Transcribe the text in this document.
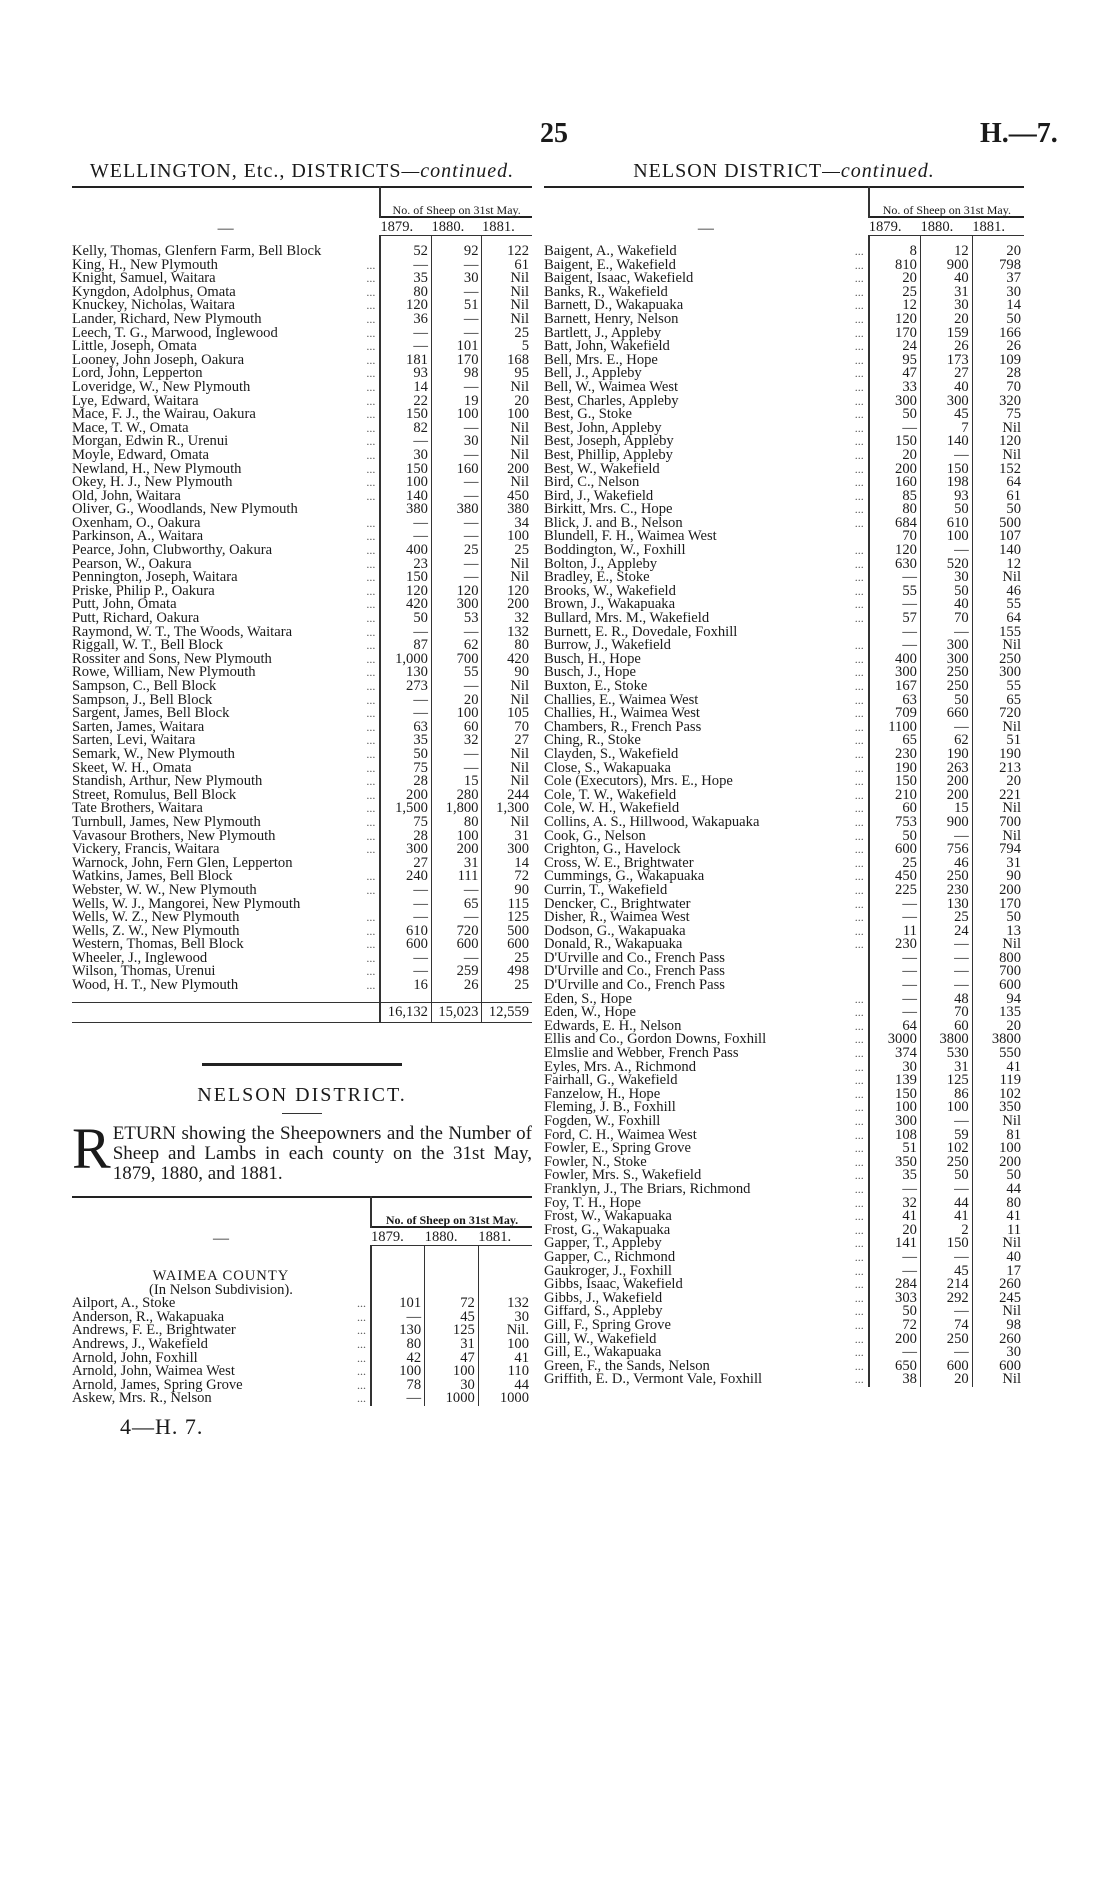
25	H.—7.
WELLINGTON, Etc., DISTRICTS—continued.
—		No. of Sheep on 31st May.		
		1879.	1880.	1881.

Kelly, Thomas, Glenfern Farm, Bell Block		52	92	122
King, H., New Plymouth	...	—	—	61
Knight, Samuel, Waitara	...	35	30	Nil
Kyngdon, Adolphus, Omata	...	80	—	Nil
Knuckey, Nicholas, Waitara	...	120	51	Nil
Lander, Richard, New Plymouth	...	36	—	Nil
Leech, T. G., Marwood, Inglewood	...	—	—	25
Little, Joseph, Omata	...	—	101	5
Looney, John Joseph, Oakura	...	181	170	168
Lord, John, Lepperton	...	93	98	95
Loveridge, W., New Plymouth	...	14	—	Nil
Lye, Edward, Waitara	...	22	19	20
Mace, F. J., the Wairau, Oakura	...	150	100	100
Mace, T. W., Omata	...	82	—	Nil
Morgan, Edwin R., Urenui	...	—	30	Nil
Moyle, Edward, Omata	...	30	—	Nil
Newland, H., New Plymouth	...	150	160	200
Okey, H. J., New Plymouth	...	100	—	Nil
Old, John, Waitara	...	140	—	450
Oliver, G., Woodlands, New Plymouth		380	380	380
Oxenham, O., Oakura	...	—	—	34
Parkinson, A., Waitara	...	—	—	100
Pearce, John, Clubworthy, Oakura	...	400	25	25
Pearson, W., Oakura	...	23	—	Nil
Pennington, Joseph, Waitara	...	150	—	Nil
Priske, Philip P., Oakura	...	120	120	120
Putt, John, Omata	...	420	300	200
Putt, Richard, Oakura	...	50	53	32
Raymond, W. T., The Woods, Waitara	...	—	—	132
Riggall, W. T., Bell Block	...	87	62	80
Rossiter and Sons, New Plymouth	...	1,000	700	420
Rowe, William, New Plymouth	...	130	55	90
Sampson, C., Bell Block	...	273	—	Nil
Sampson, J., Bell Block	...	—	20	Nil
Sargent, James, Bell Block	...	—	100	105
Sarten, James, Waitara	...	63	60	70
Sarten, Levi, Waitara	...	35	32	27
Semark, W., New Plymouth	...	50	—	Nil
Skeet, W. H., Omata	...	75	—	Nil
Standish, Arthur, New Plymouth	...	28	15	Nil
Street, Romulus, Bell Block	...	200	280	244
Tate Brothers, Waitara	...	1,500	1,800	1,300
Turnbull, James, New Plymouth	...	75	80	Nil
Vavasour Brothers, New Plymouth	...	28	100	31
Vickery, Francis, Waitara	...	300	200	300
Warnock, John, Fern Glen, Lepperton		27	31	14
Watkins, James, Bell Block	...	240	111	72
Webster, W. W., New Plymouth	...	—	—	90
Wells, W. J., Mangorei, New Plymouth		—	65	115
Wells, W. Z., New Plymouth	...	—	—	125
Wells, Z. W., New Plymouth	...	610	720	500
Western, Thomas, Bell Block	...	600	600	600
Wheeler, J., Inglewood	...	—	—	25
Wilson, Thomas, Urenui	...	—	259	498
Wood, H. T., New Plymouth	...	16	26	25

		16,132	15,023	12,559
NELSON DISTRICT.
RETURN showing the Sheepowners and the Number of Sheep and Lambs in each county on the 31st May, 1879, 1880, and 1881.
—		No. of Sheep on 31st May.		
		1879.	1880.	1881.

WAIMEA COUNTY
(In Nelson Subdivision).				

Ailport, A., Stoke	...	101	72	132
Anderson, R., Wakapuaka	...	—	45	30
Andrews, F. E., Brightwater	...	130	125	Nil.
Andrews, J., Wakefield	...	80	31	100
Arnold, John, Foxhill	...	42	47	41
Arnold, John, Waimea West	...	100	100	110
Arnold, James, Spring Grove	...	78	30	44
Askew, Mrs. R., Nelson	...	—	1000	1000
4—H. 7.
NELSON DISTRICT—continued.
—		No. of Sheep on 31st May.		
		1879.	1880.	1881.

Baigent, A., Wakefield	...	8	12	20
Baigent, E., Wakefield	...	810	900	798
Baigent, Isaac, Wakefield	...	20	40	37
Banks, R., Wakefield	...	25	31	30
Barnett, D., Wakapuaka	...	12	30	14
Barnett, Henry, Nelson	...	120	20	50
Bartlett, J., Appleby	...	170	159	166
Batt, John, Wakefield	...	24	26	26
Bell, Mrs. E., Hope	...	95	173	109
Bell, J., Appleby	...	47	27	28
Bell, W., Waimea West	...	33	40	70
Best, Charles, Appleby	...	300	300	320
Best, G., Stoke	...	50	45	75
Best, John, Appleby	...	—	7	Nil
Best, Joseph, Appleby	...	150	140	120
Best, Phillip, Appleby	...	20	—	Nil
Best, W., Wakefield	...	200	150	152
Bird, C., Nelson	...	160	198	64
Bird, J., Wakefield	...	85	93	61
Birkitt, Mrs. C., Hope	...	80	50	50
Blick, J. and B., Nelson	...	684	610	500
Blundell, F. H., Waimea West		70	100	107
Boddington, W., Foxhill	...	120	—	140
Bolton, J., Appleby	...	630	520	12
Bradley, E., Stoke	...	—	30	Nil
Brooks, W., Wakefield	...	55	50	46
Brown, J., Wakapuaka	...	—	40	55
Bullard, Mrs. M., Wakefield	...	57	70	64
Burnett, E. R., Dovedale, Foxhill		—	—	155
Burrow, J., Wakefield	...	—	300	Nil
Busch, H., Hope	...	400	300	250
Busch, J., Hope	...	300	250	300
Buxton, E., Stoke	...	167	250	55
Challies, E., Waimea West	...	63	50	65
Challies, H., Waimea West	...	709	660	720
Chambers, R., French Pass	...	1100	—	Nil
Ching, R., Stoke	...	65	62	51
Clayden, S., Wakefield	...	230	190	190
Close, S., Wakapuaka	...	190	263	213
Cole (Executors), Mrs. E., Hope	...	150	200	20
Cole, T. W., Wakefield	...	210	200	221
Cole, W. H., Wakefield	...	60	15	Nil
Collins, A. S., Hillwood, Wakapuaka	...	753	900	700
Cook, G., Nelson	...	50	—	Nil
Crighton, G., Havelock	...	600	756	794
Cross, W. E., Brightwater	...	25	46	31
Cummings, G., Wakapuaka	...	450	250	90
Currin, T., Wakefield	...	225	230	200
Dencker, C., Brightwater	...	—	130	170
Disher, R., Waimea West	...	—	25	50
Dodson, G., Wakapuaka	...	11	24	13
Donald, R., Wakapuaka	...	230	—	Nil
D'Urville and Co., French Pass		—	—	800
D'Urville and Co., French Pass		—	—	700
D'Urville and Co., French Pass		—	—	600
Eden, S., Hope	...	—	48	94
Eden, W., Hope	...	—	70	135
Edwards, E. H., Nelson	...	64	60	20
Ellis and Co., Gordon Downs, Foxhill	...	3000	3800	3800
Elmslie and Webber, French Pass	...	374	530	550
Eyles, Mrs. A., Richmond	...	30	31	41
Fairhall, G., Wakefield	...	139	125	119
Fanzelow, H., Hope	...	150	86	102
Fleming, J. B., Foxhill	...	100	100	350
Fogden, W., Foxhill	...	300	—	Nil
Ford, C. H., Waimea West	...	108	59	81
Fowler, E., Spring Grove	...	51	102	100
Fowler, N., Stoke	...	350	250	200
Fowler, Mrs. S., Wakefield	...	35	50	50
Franklyn, J., The Briars, Richmond	...	—	—	44
Foy, T. H., Hope	...	32	44	80
Frost, W., Wakapuaka	...	41	41	41
Frost, G., Wakapuaka	...	20	2	11
Gapper, T., Appleby	...	141	150	Nil
Gapper, C., Richmond	...	—	—	40
Gaukroger, J., Foxhill	...	—	45	17
Gibbs, Isaac, Wakefield	...	284	214	260
Gibbs, J., Wakefield	...	303	292	245
Giffard, S., Appleby	...	50	—	Nil
Gill, F., Spring Grove	...	72	74	98
Gill, W., Wakefield	...	200	250	260
Gill, E., Wakapuaka	...	—	—	30
Green, F., the Sands, Nelson	...	650	600	600
Griffith, E. D., Vermont Vale, Foxhill	...	38	20	Nil
